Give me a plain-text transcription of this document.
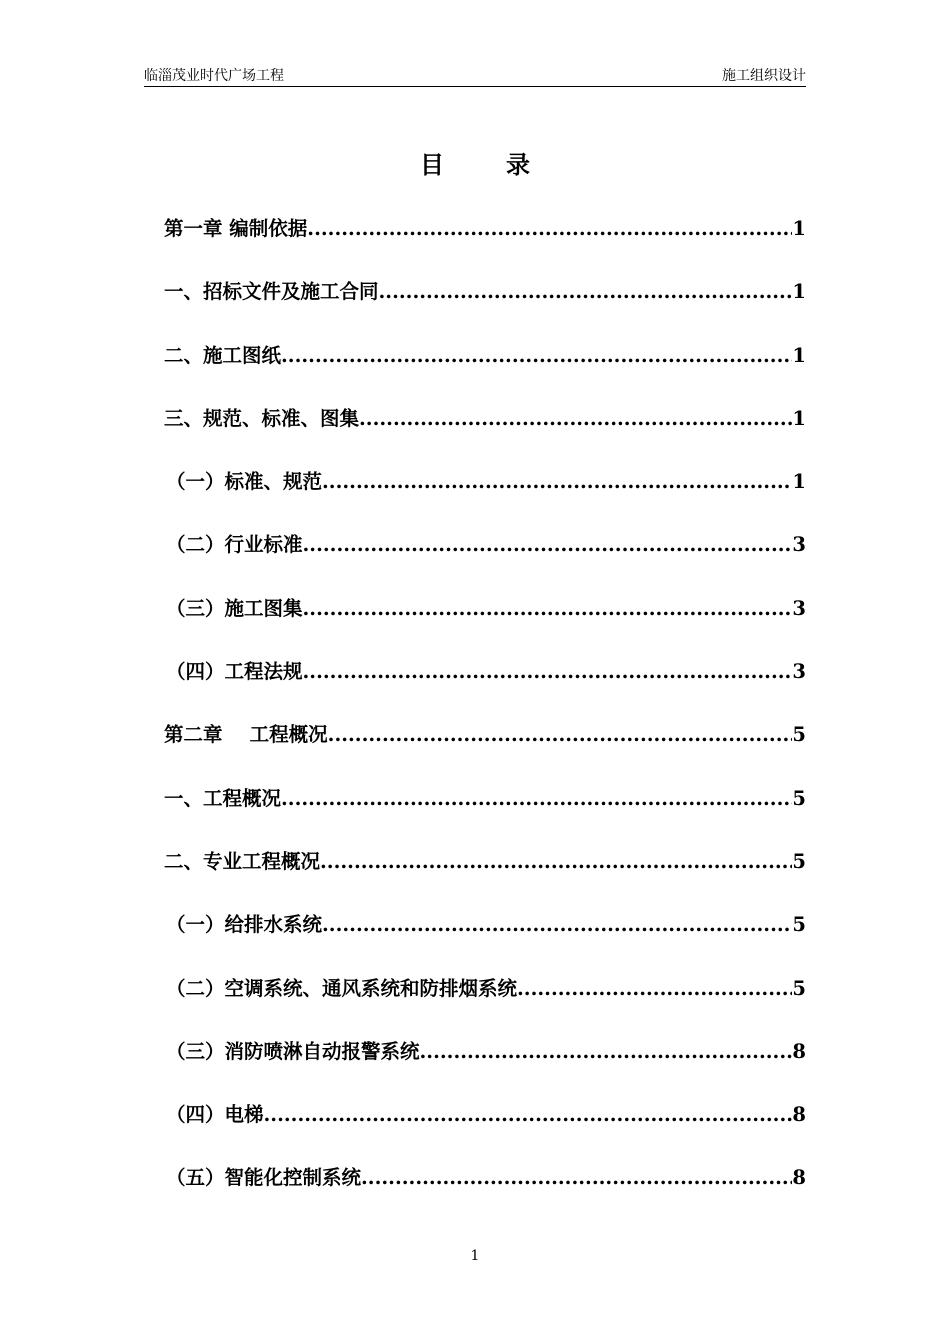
临淄茂业时代广场工程	施工组织设计
目	录
第一章 编制依据 .....	1
一、招标文件及施工合同 .....	1
二、施工图纸 .....	1
三、规范、标准、图集 .....	1
（一）标准、规范 .....	1
（二）行业标准 .....	3
（三）施工图集 .....	3
（四）工程法规 .....	3
第二章    工程概况 .....	5
一、工程概况 .....	5
二、专业工程概况 .....	5
（一）给排水系统 .....	5
（二）空调系统、通风系统和防排烟系统 .....	5
（三）消防喷淋自动报警系统 .....	8
（四）电梯 .....	8
（五）智能化控制系统 .....	8
1
